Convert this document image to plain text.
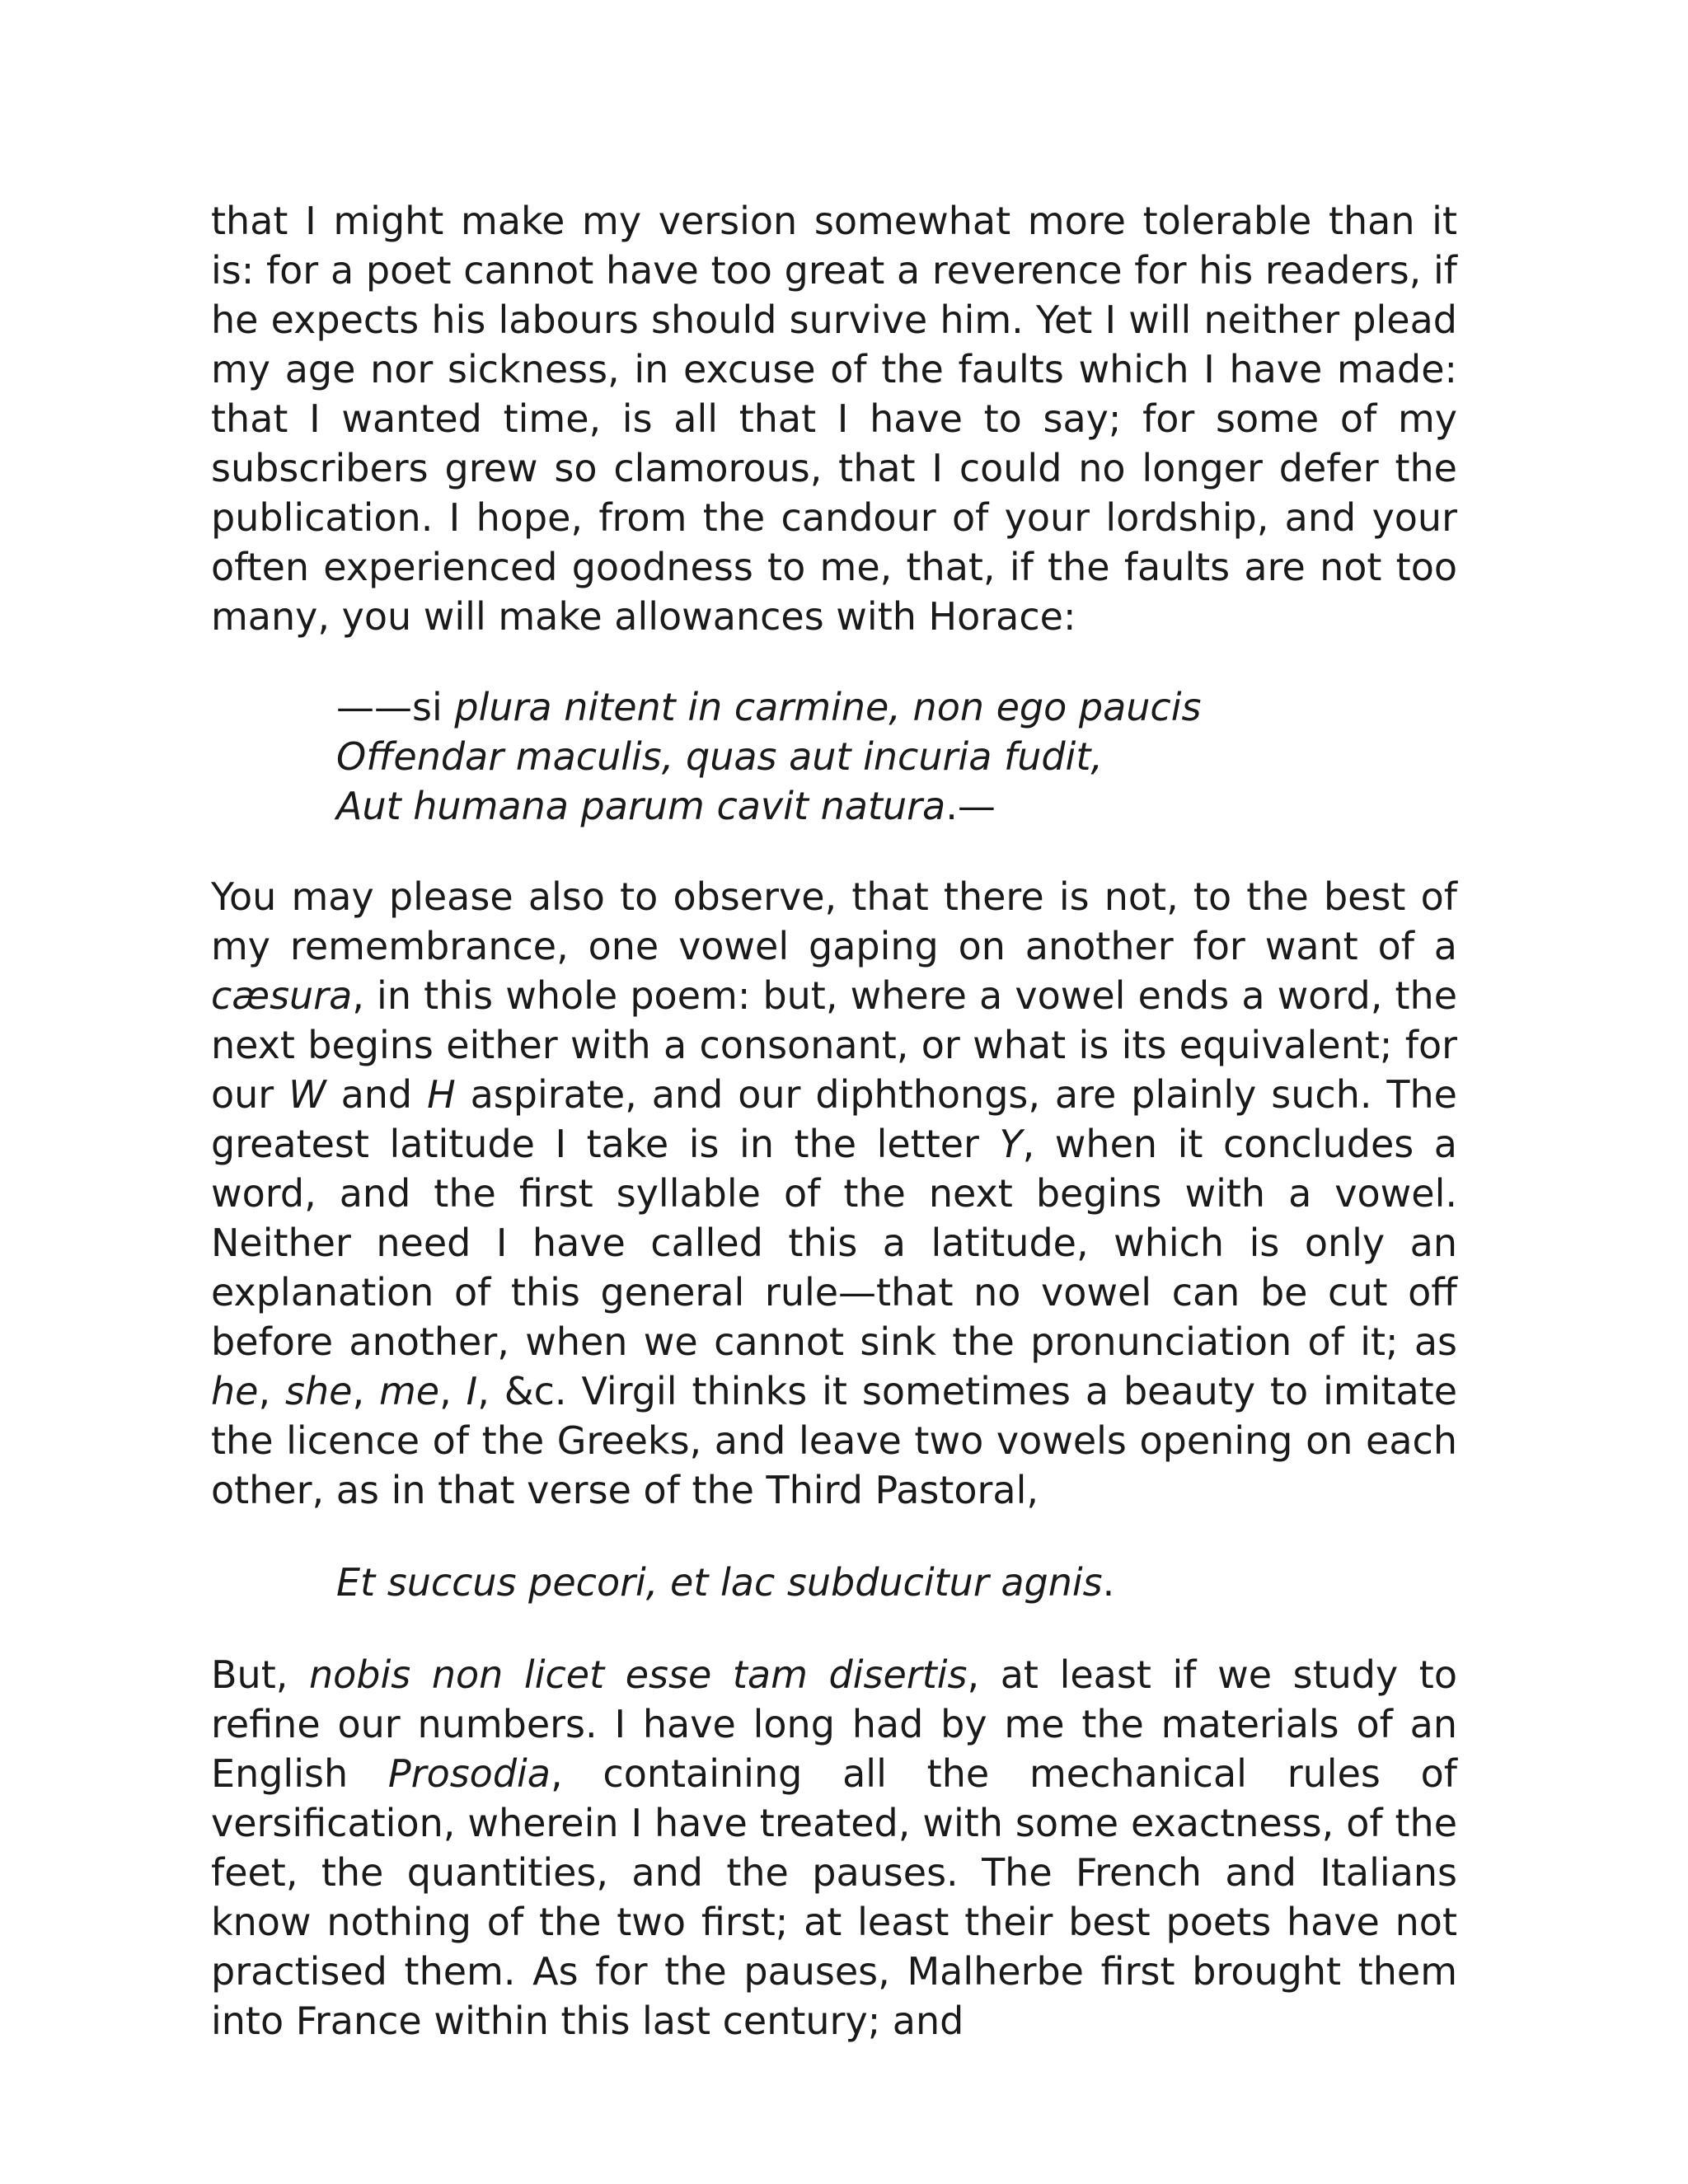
that I might make my version somewhat more tolerable than it is: for a poet cannot have too great a reverence for his readers, if he expects his labours should survive him. Yet I will neither plead my age nor sickness, in excuse of the faults which I have made: that I wanted time, is all that I have to say; for some of my subscribers grew so clamorous, that I could no longer defer the publication. I hope, from the candour of your lordship, and your often experienced goodness to me, that, if the faults are not too many, you will make allowances with Horace:

——si plura nitent in carmine, non ego paucis
Offendar maculis, quas aut incuria fudit,
Aut humana parum cavit natura.—

You may please also to observe, that there is not, to the best of my remembrance, one vowel gaping on another for want of a cæsura, in this whole poem: but, where a vowel ends a word, the next begins either with a consonant, or what is its equivalent; for our W and H aspirate, and our diphthongs, are plainly such. The greatest latitude I take is in the letter Y, when it concludes a word, and the first syllable of the next begins with a vowel. Neither need I have called this a latitude, which is only an explanation of this general rule—that no vowel can be cut off before another, when we cannot sink the pronunciation of it; as he, she, me, I, &c. Virgil thinks it sometimes a beauty to imitate the licence of the Greeks, and leave two vowels opening on each other, as in that verse of the Third Pastoral,

Et succus pecori, et lac subducitur agnis.

But, nobis non licet esse tam disertis, at least if we study to refine our numbers. I have long had by me the materials of an English Prosodia, containing all the mechanical rules of versification, wherein I have treated, with some exactness, of the feet, the quantities, and the pauses. The French and Italians know nothing of the two first; at least their best poets have not practised them. As for the pauses, Malherbe first brought them into France within this last century; and
